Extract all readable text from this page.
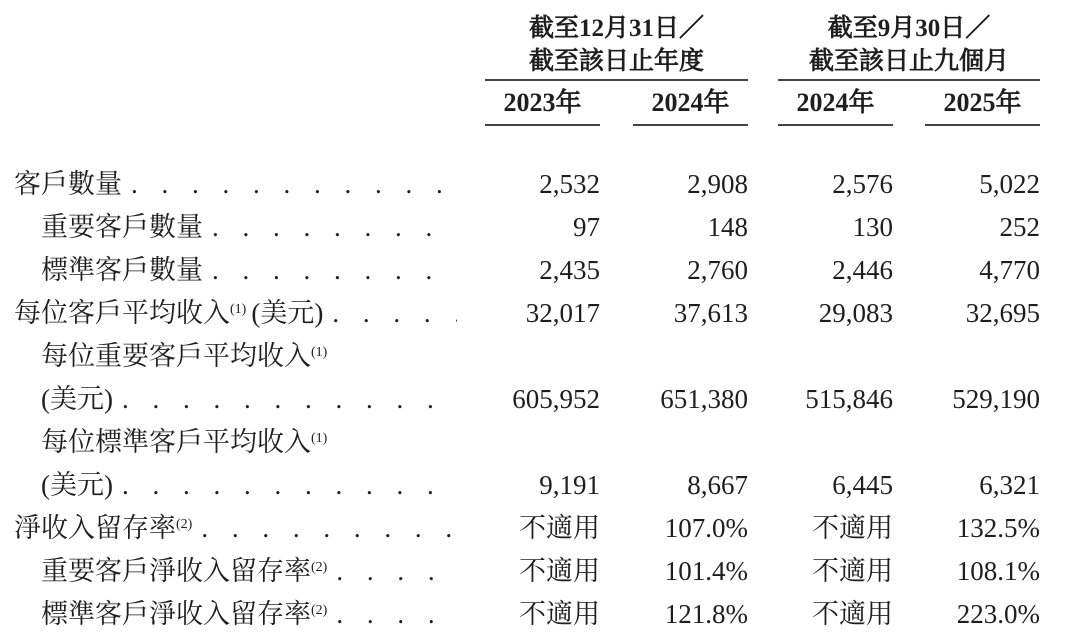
截至12月31日／
截至該日止年度
截至9月30日／
截至該日止九個月
2023年	2024年	2024年	2025年
客戶數量 . . .	2,532	2,908	2,576	5,022
重要客戶數量 . . .	97	148	130	252
標準客戶數量 . . .	2,435	2,760	2,446	4,770
每位客戶平均收入$^{(1)}$ (美元) . . .	32,017	37,613	29,083	32,695
每位重要客戶平均收入$^{(1)}$
(美元) . . .	605,952	651,380	515,846	529,190
每位標準客戶平均收入$^{(1)}$
(美元) . . .	9,191	8,667	6,445	6,321
淨收入留存率$^{(2)}$ . . .	不適用	107.0%	不適用	132.5%
重要客戶淨收入留存率$^{(2)}$ . . .	不適用	101.4%	不適用	108.1%
標準客戶淨收入留存率$^{(2)}$ . . .	不適用	121.8%	不適用	223.0%
